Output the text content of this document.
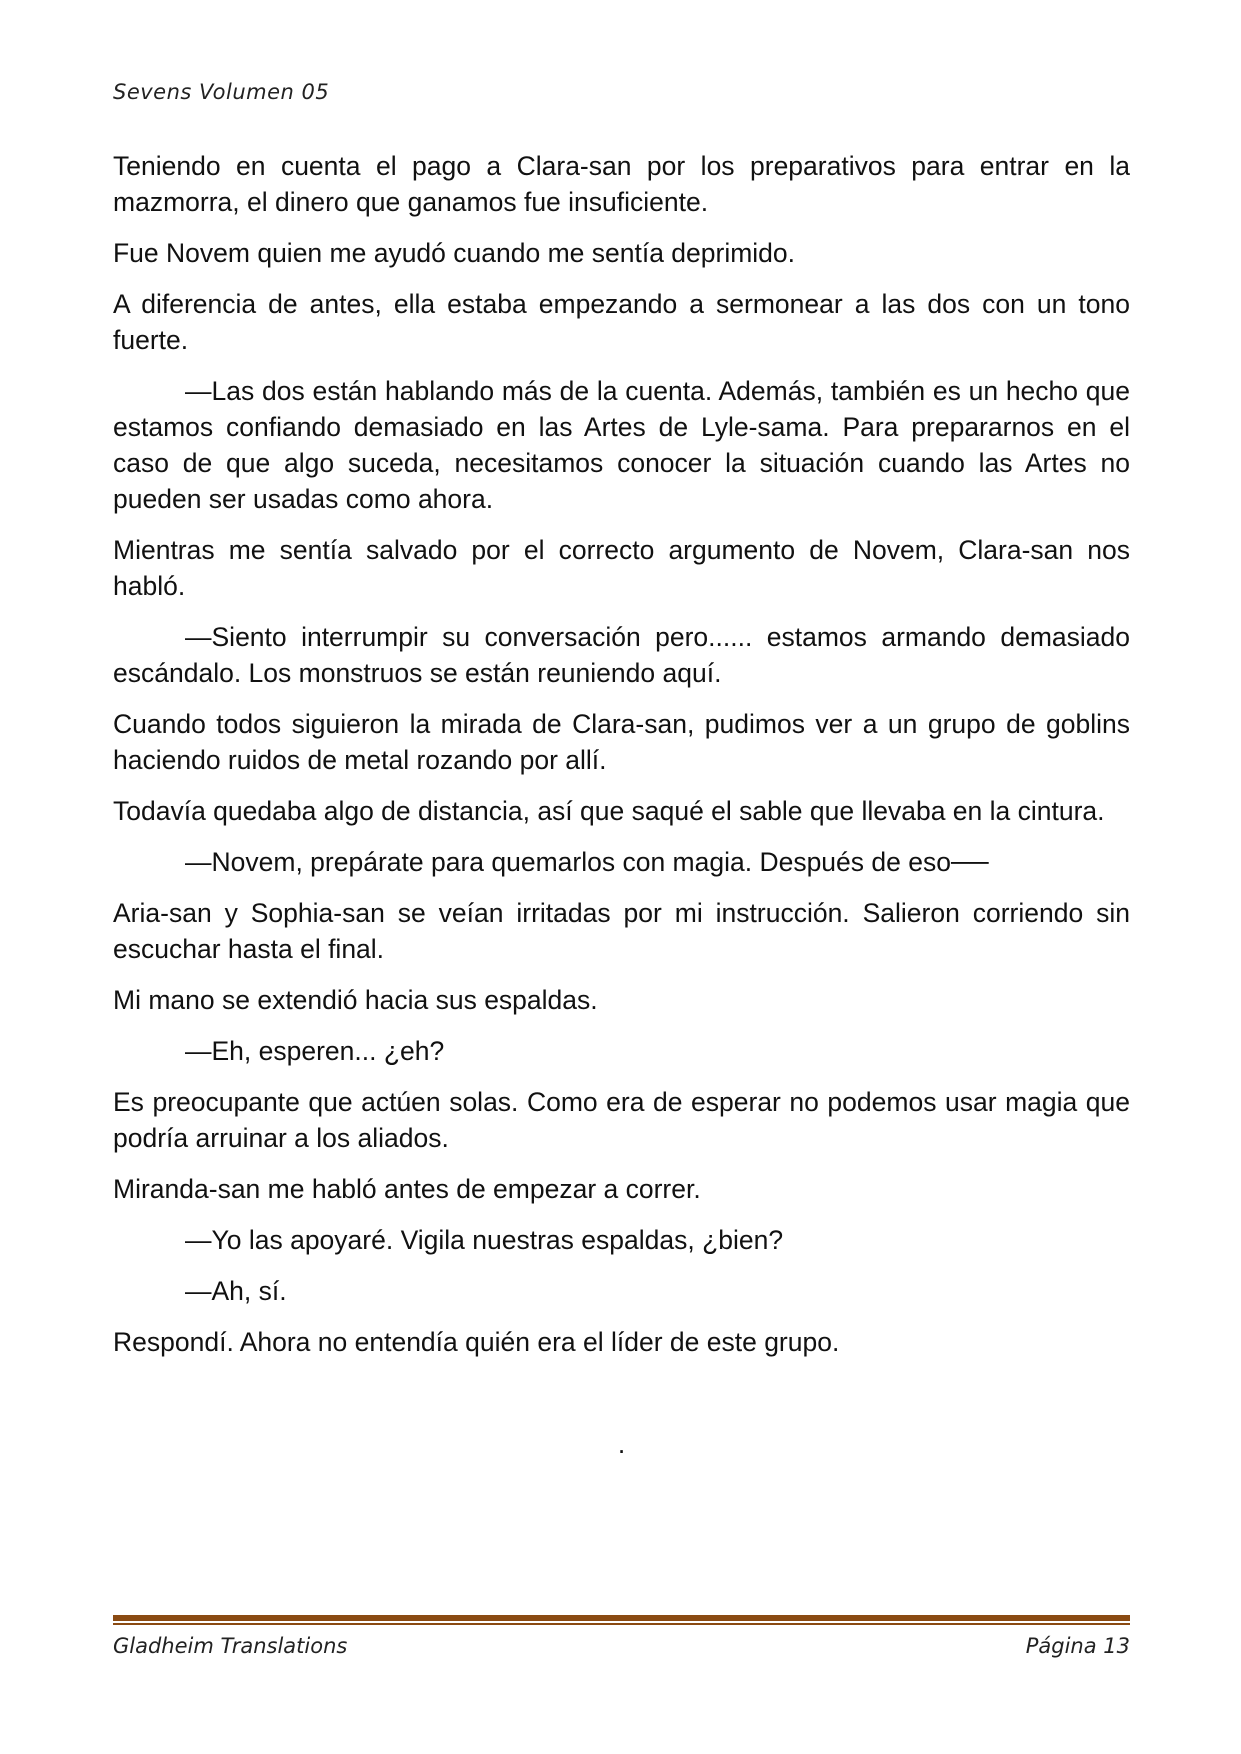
Sevens Volumen 05

Teniendo en cuenta el pago a Clara-san por los preparativos para entrar en la mazmorra, el dinero que ganamos fue insuficiente.

Fue Novem quien me ayudó cuando me sentía deprimido.

A diferencia de antes, ella estaba empezando a sermonear a las dos con un tono fuerte.

—Las dos están hablando más de la cuenta. Además, también es un hecho que estamos confiando demasiado en las Artes de Lyle-sama. Para prepararnos en el caso de que algo suceda, necesitamos conocer la situación cuando las Artes no pueden ser usadas como ahora.

Mientras me sentía salvado por el correcto argumento de Novem, Clara-san nos habló.

—Siento interrumpir su conversación pero...... estamos armando demasiado escándalo. Los monstruos se están reuniendo aquí.

Cuando todos siguieron la mirada de Clara-san, pudimos ver a un grupo de goblins haciendo ruidos de metal rozando por allí.

Todavía quedaba algo de distancia, así que saqué el sable que llevaba en la cintura.

—Novem, prepárate para quemarlos con magia. Después de eso──

Aria-san y Sophia-san se veían irritadas por mi instrucción. Salieron corriendo sin escuchar hasta el final.

Mi mano se extendió hacia sus espaldas.

—Eh, esperen... ¿eh?

Es preocupante que actúen solas. Como era de esperar no podemos usar magia que podría arruinar a los aliados.

Miranda-san me habló antes de empezar a correr.

—Yo las apoyaré. Vigila nuestras espaldas, ¿bien?

—Ah, sí.

Respondí. Ahora no entendía quién era el líder de este grupo.

.

Gladheim Translations	Página 13
